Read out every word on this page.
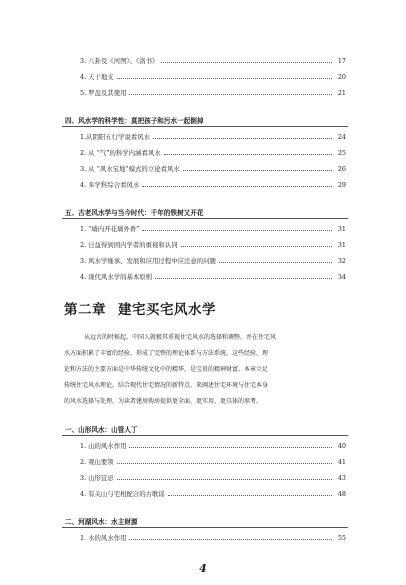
3. 八卦及《河图》、《洛书》	17
4. 天干地支	20
5. 罗盘及其使用	21
四、风水学的科学性：莫把孩子和污水一起倒掉
1.从阴阳五行学说看风水	24
2. 从 “气”的科学内涵看风水	25
3. 从 “风水宝地”模式的立论看风水	26
4. 多学科综合看风水	29
五、古老风水学与当今时代：千年的铁树又开花
1. “墙内开花墙外香”	31
2. 日益得到国内学者的重视和认同	31
3. 风水学继承、发展和应用过程中应注意的问题	32
4. 现代风水学的基本原则	34
第二章 建宅买宅风水学
从远古的时候起，中国人就极其重视住宅风水的选择和调整，并在住宅风
水方面积累了丰富的经验，形成了完整的理论体系与方法系统。这些经验、理
论和方法的主要方面是中华传统文化中的精华，是宝贵的精神财富。本章立足
传统住宅风水理论，结合现代住宅情况的新特点，来阐述住宅环境与住宅本身
的风水选择与处理，为读者建房购房提供更全面、更实用、更具体的参考。
一、山形风水：山管人丁
1. 山的风水作用	40
2. 观山要领	41
3. 山形宜忌	43
4. 有关山与宅相配合的古歌谣	48
二、河湖风水：水主财源
1. 水的风水作用	55
4
